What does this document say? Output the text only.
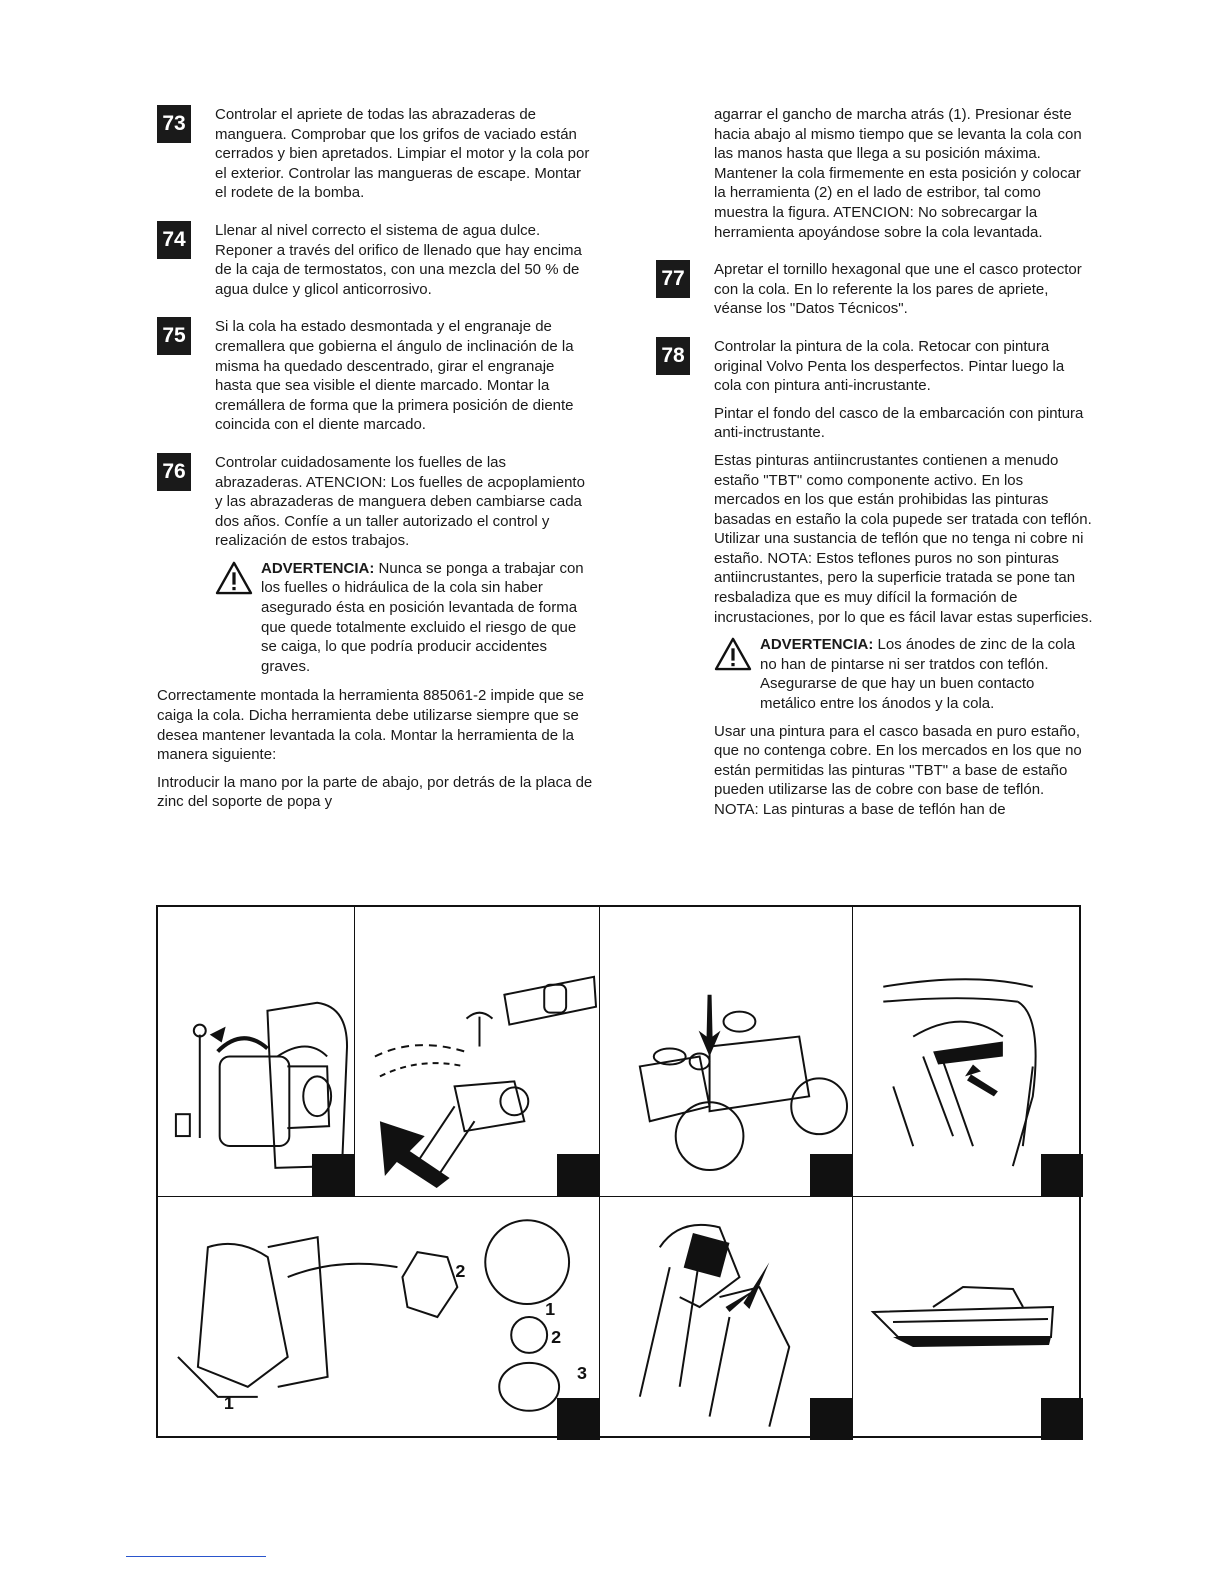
73	Controlar el apriete de todas las abrazaderas de manguera. Comprobar que los grifos de vaciado están cerrados y bien apretados. Limpiar el motor y la cola por el exterior. Controlar las mangueras de escape. Montar el rodete de la bomba.

74	Llenar al nivel correcto el sistema de agua dulce. Reponer a través del orifico de llenado que hay encima de la caja de termostatos, con una mezcla del 50 % de agua dulce y glicol anticorrosivo.

75	Si la cola ha estado desmontada y el engranaje de cremallera que gobierna el ángulo de inclinación de la misma ha quedado descentrado, girar el engranaje hasta que sea visible el diente marcado. Montar la cremállera de forma que la primera posición de diente coincida con el diente marcado.

76	Controlar cuidadosamente los fuelles de las abrazaderas. ATENCION: Los fuelles de acpoplamiento y las abrazaderas de manguera deben cambiarse cada dos años. Confíe a un taller autorizado el control y realización de estos trabajos.

ADVERTENCIA: Nunca se ponga a trabajar con los fuelles o hidráulica de la cola sin haber asegurado ésta en posición levantada de forma que quede totalmente excluido el riesgo de que se caiga, lo que podría producir accidentes graves.

Correctamente montada la herramienta 885061-2 impide que se caiga la cola. Dicha herramienta debe utilizarse siempre que se desea mantener levantada la cola. Montar la herramienta de la manera siguiente:

Introducir la mano por la parte de abajo, por detrás de la placa de zinc del soporte de popa y

agarrar el gancho de marcha atrás (1). Presionar éste hacia abajo al mismo tiempo que se levanta la cola con las manos hasta que llega a su posición máxima. Mantener la cola firmemente en esta posición y colocar la herramienta (2) en el lado de estribor, tal como muestra la figura. ATENCION: No sobrecargar la herramienta apoyándose sobre la cola levantada.

77	Apretar el tornillo hexagonal que une el casco protector con la cola. En lo referente la los pares de apriete, véanse los "Datos Técnicos".

78	Controlar la pintura de la cola. Retocar con pintura original Volvo Penta los desperfectos. Pintar luego la cola con pintura anti-incrustante.

Pintar el fondo del casco de la embarcación con pintura anti-inctrustante.

Estas pinturas antiincrustantes contienen a menudo estaño "TBT" como componente activo. En los mercados en los que están prohibidas las pinturas basadas en estaño la cola pupede ser tratada con teflón. Utilizar una sustancia de teflón que no tenga ni cobre ni estaño. NOTA: Estos teflones puros no son pinturas antiincrustantes, pero la superficie tratada se pone tan resbaladiza que es muy difícil la formación de incrustaciones, por lo que es fácil lavar estas superficies.

ADVERTENCIA: Los ánodes de zinc de la cola no han de pintarse ni ser tratdos con teflón. Asegurarse de que hay un buen contacto metálico entre los ánodos y la cola.

Usar una pintura para el casco basada en puro estaño, que no contenga cobre. En los mercados en los que no están permitidas las pinturas "TBT" a base de estaño pueden utilizarse las de cobre con base de teflón. NOTA: Las pinturas a base de teflón han de

2
1
2
3
1
